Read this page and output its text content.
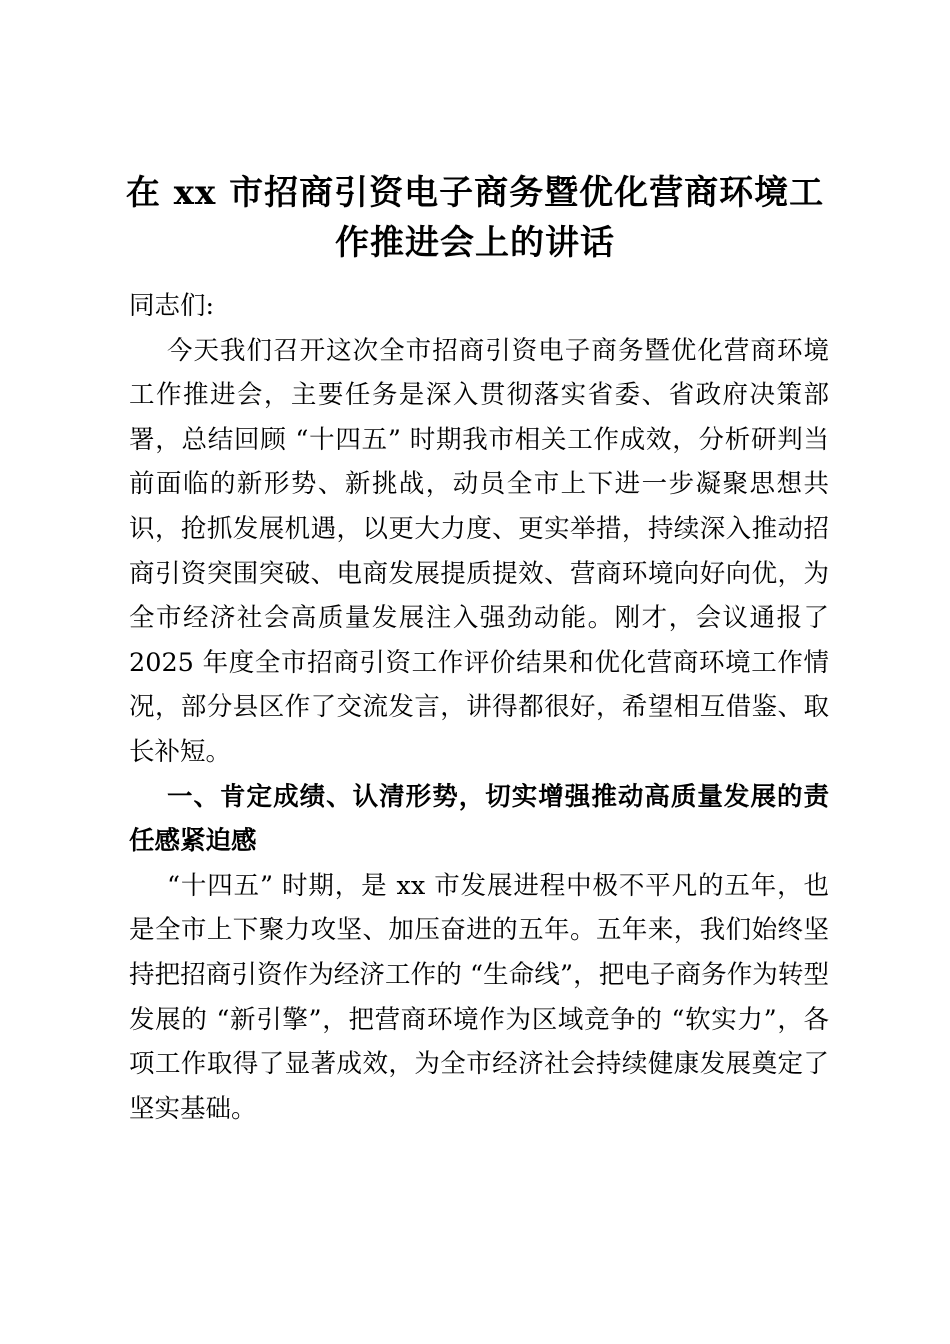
在 xx 市招商引资电子商务暨优化营商环境工
作推进会上的讲话

同志们:

今天我们召开这次全市招商引资电子商务暨优化营商环境工作推进会，主要任务是深入贯彻落实省委、省政府决策部署，总结回顾 “十四五” 时期我市相关工作成效，分析研判当前面临的新形势、新挑战，动员全市上下进一步凝聚思想共识，抢抓发展机遇，以更大力度、更实举措，持续深入推动招商引资突围突破、电商发展提质提效、营商环境向好向优，为全市经济社会高质量发展注入强劲动能。刚才，会议通报了 2025 年度全市招商引资工作评价结果和优化营商环境工作情况，部分县区作了交流发言，讲得都很好，希望相互借鉴、取长补短。

一、肯定成绩、认清形势，切实增强推动高质量发展的责任感紧迫感

“十四五” 时期，是 xx 市发展进程中极不平凡的五年，也是全市上下聚力攻坚、加压奋进的五年。五年来，我们始终坚持把招商引资作为经济工作的 “生命线”，把电子商务作为转型发展的 “新引擎”，把营商环境作为区域竞争的 “软实力”，各项工作取得了显著成效，为全市经济社会持续健康发展奠定了坚实基础。
